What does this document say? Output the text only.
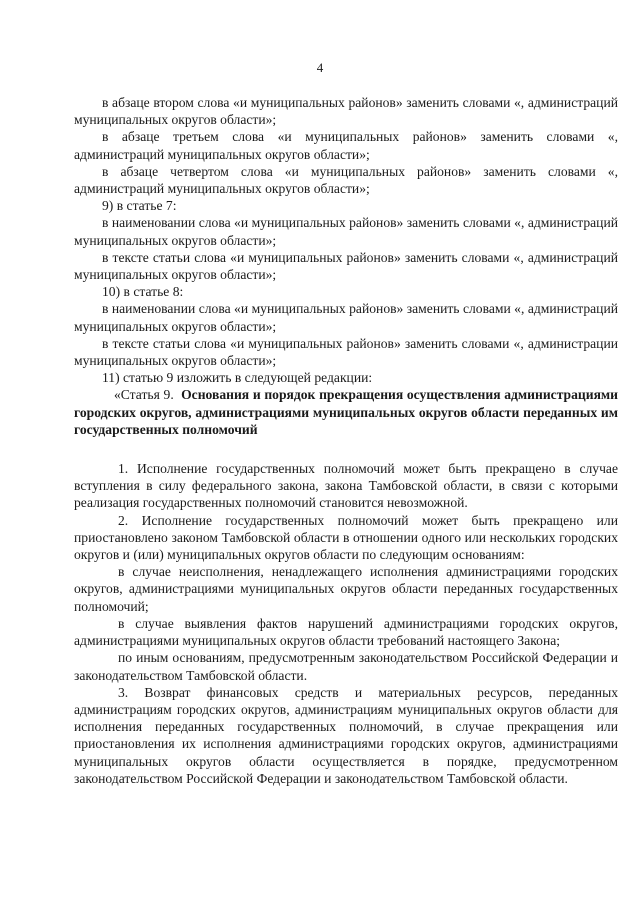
4

в абзаце втором слова «и муниципальных районов» заменить словами «, администраций муниципальных округов области»;

в абзаце третьем слова «и муниципальных районов» заменить словами «, администраций муниципальных округов области»;

в абзаце четвертом слова «и муниципальных районов» заменить словами «, администраций муниципальных округов области»;

9) в статье 7:

в наименовании слова «и муниципальных районов» заменить словами «, администраций муниципальных округов области»;

в тексте статьи слова «и муниципальных районов» заменить словами «, администраций муниципальных округов области»;

10) в статье 8:

в наименовании слова «и муниципальных районов» заменить словами «, администраций муниципальных округов области»;

в тексте статьи слова «и муниципальных районов» заменить словами «, администрации муниципальных округов области»;

11) статью 9 изложить в следующей редакции:

«Статья 9. Основания и порядок прекращения осуществления администрациями городских округов, администрациями муниципальных округов области переданных им государственных полномочий

1. Исполнение государственных полномочий может быть прекращено в случае вступления в силу федерального закона, закона Тамбовской области, в связи с которыми реализация государственных полномочий становится невозможной.

2. Исполнение государственных полномочий может быть прекращено или приостановлено законом Тамбовской области в отношении одного или нескольких городских округов и (или) муниципальных округов области по следующим основаниям:

в случае неисполнения, ненадлежащего исполнения администрациями городских округов, администрациями муниципальных округов области переданных государственных полномочий;

в случае выявления фактов нарушений администрациями городских округов, администрациями муниципальных округов области требований настоящего Закона;

по иным основаниям, предусмотренным законодательством Российской Федерации и законодательством Тамбовской области.

3. Возврат финансовых средств и материальных ресурсов, переданных администрациям городских округов, администрациям муниципальных округов области для исполнения переданных государственных полномочий, в случае прекращения или приостановления их исполнения администрациями городских округов, администрациями муниципальных округов области осуществляется в порядке, предусмотренном законодательством Российской Федерации и законодательством Тамбовской области.
